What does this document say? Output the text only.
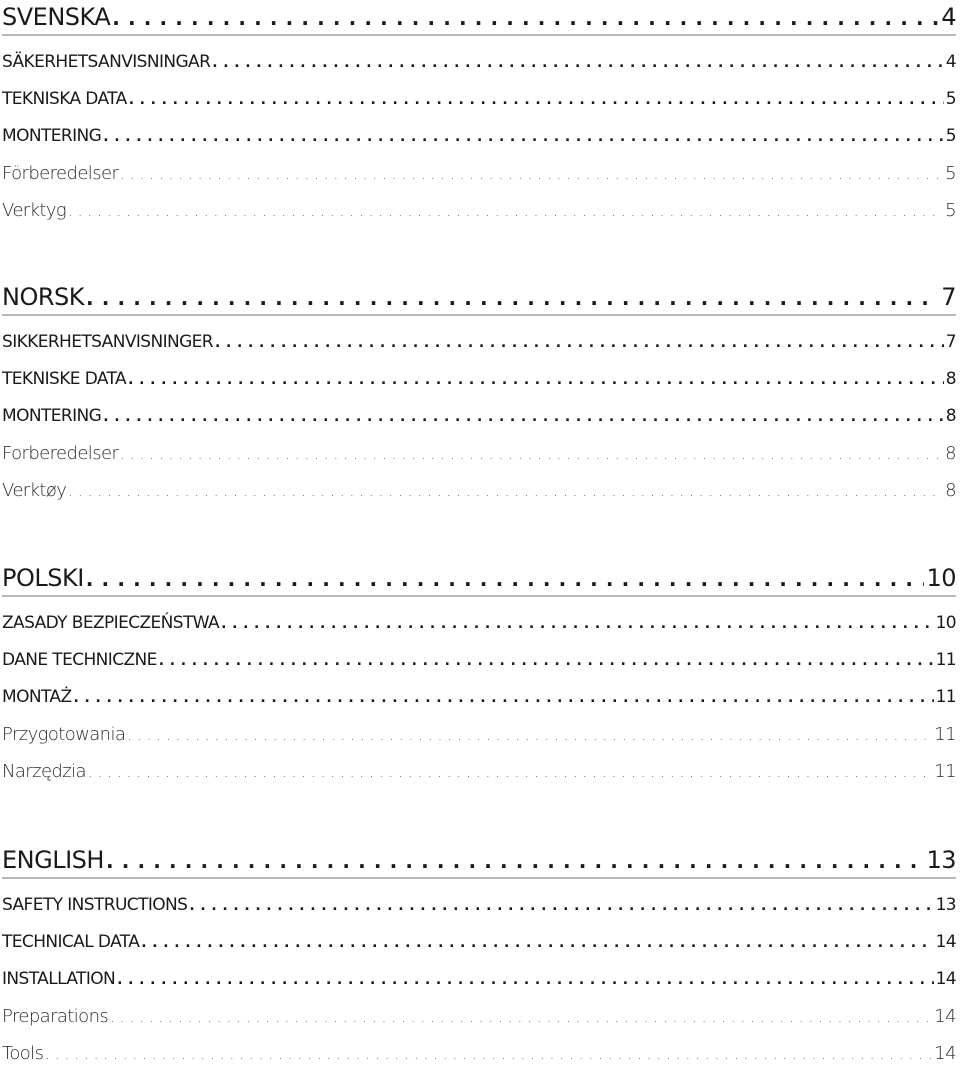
SVENSKA . . .	4
SÄKERHETSANVISNINGAR . . .	4
TEKNISKA DATA . . .	5
MONTERING . . .	5
Förberedelser . . .	5
Verktyg . . .	5
NORSK . . .	7
SIKKERHETSANVISNINGER . . .	7
TEKNISKE DATA . . .	8
MONTERING . . .	8
Forberedelser . . .	8
Verktøy . . .	8
POLSKI . . .	10
ZASADY BEZPIECZEŃSTWA . . .	10
DANE TECHNICZNE . . .	11
MONTAŻ . . .	11
Przygotowania . . .	11
Narzędzia . . .	11
ENGLISH . . .	13
SAFETY INSTRUCTIONS . . .	13
TECHNICAL DATA . . .	14
INSTALLATION . . .	14
Preparations . . .	14
Tools . . .	14
